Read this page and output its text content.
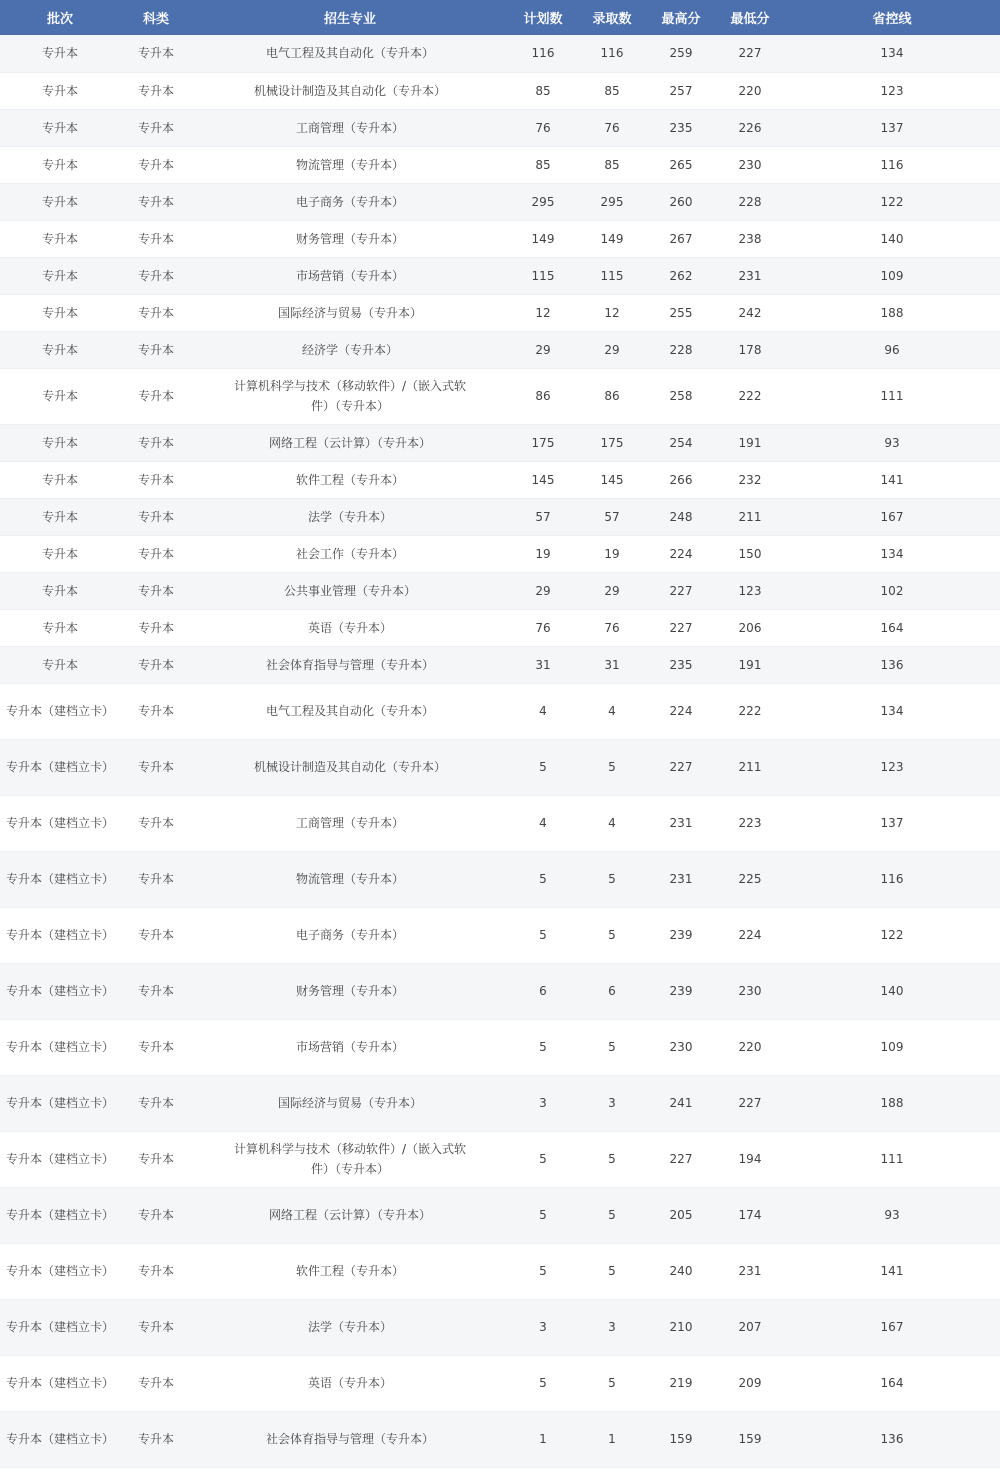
批次	科类	招生专业	计划数	录取数	最高分	最低分	省控线
专升本	专升本	电气工程及其自动化（专升本）	116	116	259	227	134
专升本	专升本	机械设计制造及其自动化（专升本）	85	85	257	220	123
专升本	专升本	工商管理（专升本）	76	76	235	226	137
专升本	专升本	物流管理（专升本）	85	85	265	230	116
专升本	专升本	电子商务（专升本）	295	295	260	228	122
专升本	专升本	财务管理（专升本）	149	149	267	238	140
专升本	专升本	市场营销（专升本）	115	115	262	231	109
专升本	专升本	国际经济与贸易（专升本）	12	12	255	242	188
专升本	专升本	经济学（专升本）	29	29	228	178	96
专升本	专升本	计算机科学与技术（移动软件）/（嵌入式软件）（专升本）	86	86	258	222	111
专升本	专升本	网络工程（云计算）（专升本）	175	175	254	191	93
专升本	专升本	软件工程（专升本）	145	145	266	232	141
专升本	专升本	法学（专升本）	57	57	248	211	167
专升本	专升本	社会工作（专升本）	19	19	224	150	134
专升本	专升本	公共事业管理（专升本）	29	29	227	123	102
专升本	专升本	英语（专升本）	76	76	227	206	164
专升本	专升本	社会体育指导与管理（专升本）	31	31	235	191	136
专升本（建档立卡）	专升本	电气工程及其自动化（专升本）	4	4	224	222	134
专升本（建档立卡）	专升本	机械设计制造及其自动化（专升本）	5	5	227	211	123
专升本（建档立卡）	专升本	工商管理（专升本）	4	4	231	223	137
专升本（建档立卡）	专升本	物流管理（专升本）	5	5	231	225	116
专升本（建档立卡）	专升本	电子商务（专升本）	5	5	239	224	122
专升本（建档立卡）	专升本	财务管理（专升本）	6	6	239	230	140
专升本（建档立卡）	专升本	市场营销（专升本）	5	5	230	220	109
专升本（建档立卡）	专升本	国际经济与贸易（专升本）	3	3	241	227	188
专升本（建档立卡）	专升本	计算机科学与技术（移动软件）/（嵌入式软件）（专升本）	5	5	227	194	111
专升本（建档立卡）	专升本	网络工程（云计算）（专升本）	5	5	205	174	93
专升本（建档立卡）	专升本	软件工程（专升本）	5	5	240	231	141
专升本（建档立卡）	专升本	法学（专升本）	3	3	210	207	167
专升本（建档立卡）	专升本	英语（专升本）	5	5	219	209	164
专升本（建档立卡）	专升本	社会体育指导与管理（专升本）	1	1	159	159	136
